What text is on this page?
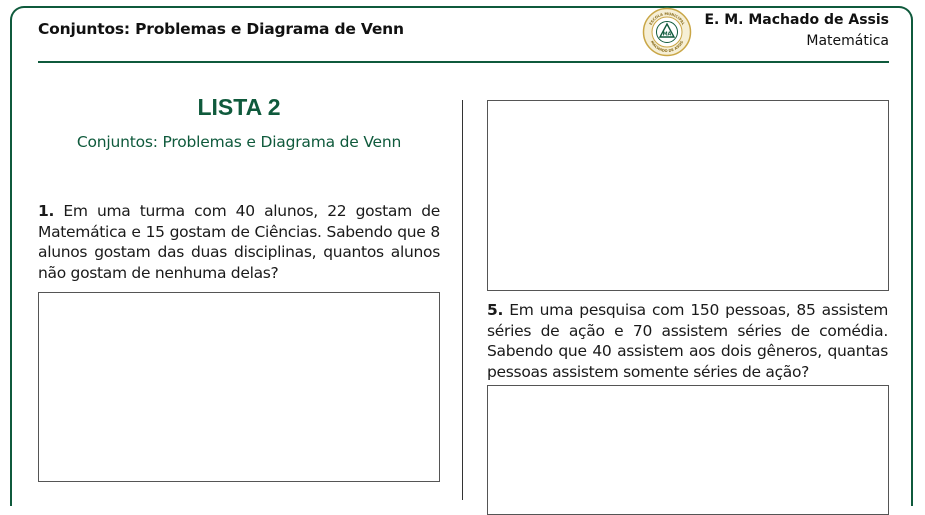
Conjuntos: Problemas e Diagrama de Venn	MA
ESCOLA MUNICIPAL
MACHADO DE ASSIS
E. M. Machado de Assis
Matemática
LISTA 2
Conjuntos: Problemas e Diagrama de Venn
1. Em uma turma com 40 alunos, 22 gostam de Matemática e 15 gostam de Ciências. Sabendo que 8 alunos gostam das duas disciplinas, quantos alunos não gostam de nenhuma delas?
5. Em uma pesquisa com 150 pessoas, 85 assistem séries de ação e 70 assistem séries de comédia. Sabendo que 40 assistem aos dois gêneros, quantas pessoas assistem somente séries de ação?
